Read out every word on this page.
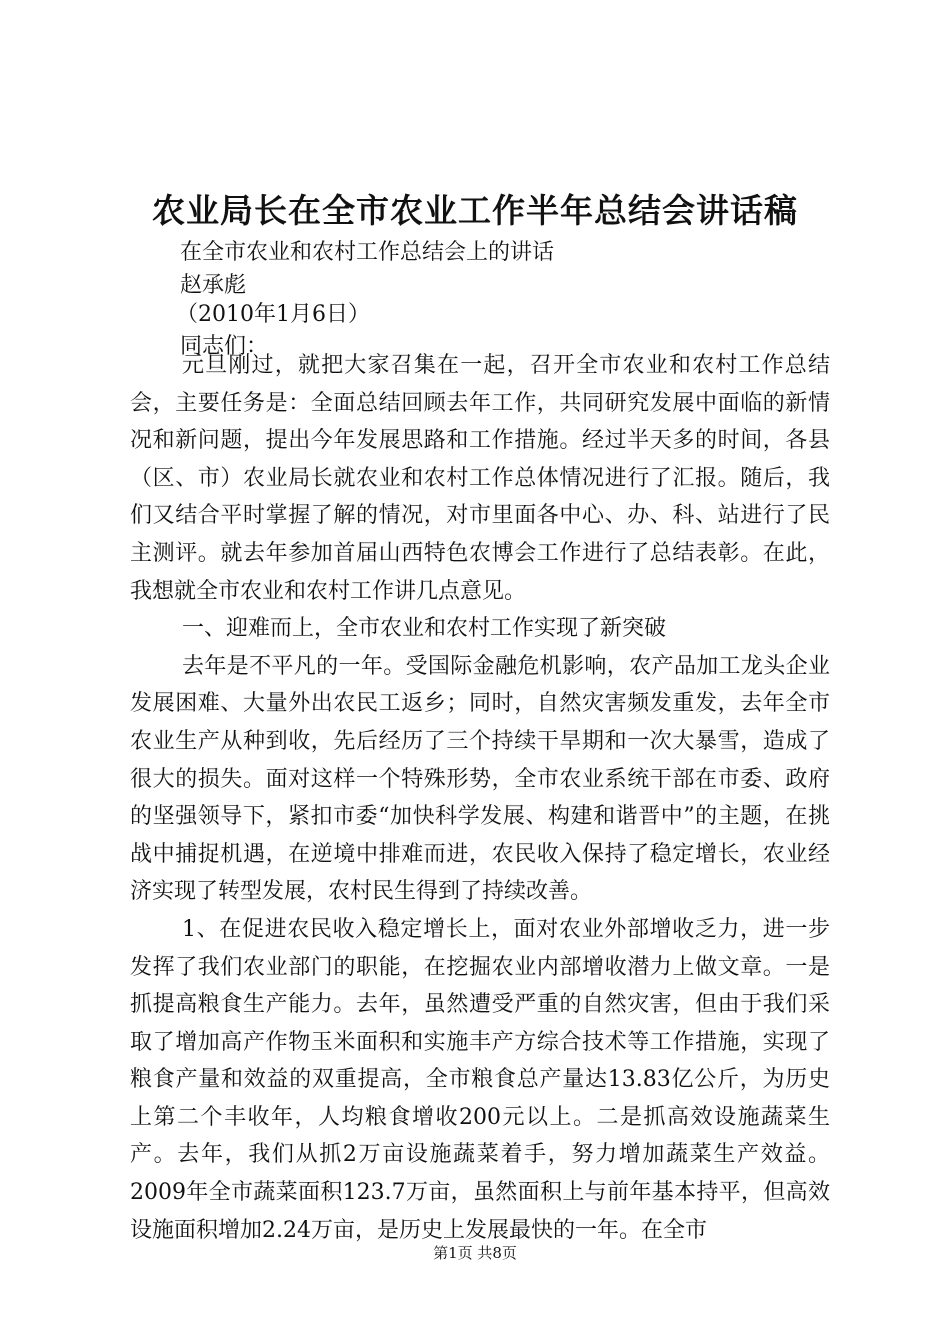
农业局长在全市农业工作半年总结会讲话稿
在全市农业和农村工作总结会上的讲话
赵承彪
（2010年1月6日）
同志们：

元旦刚过，就把大家召集在一起，召开全市农业和农村工作总结会，主要任务是：全面总结回顾去年工作，共同研究发展中面临的新情况和新问题，提出今年发展思路和工作措施。经过半天多的时间，各县（区、市）农业局长就农业和农村工作总体情况进行了汇报。随后，我们又结合平时掌握了解的情况，对市里面各中心、办、科、站进行了民主测评。就去年参加首届山西特色农博会工作进行了总结表彰。在此，我想就全市农业和农村工作讲几点意见。

一、迎难而上，全市农业和农村工作实现了新突破

去年是不平凡的一年。受国际金融危机影响，农产品加工龙头企业发展困难、大量外出农民工返乡；同时，自然灾害频发重发，去年全市农业生产从种到收，先后经历了三个持续干旱期和一次大暴雪，造成了很大的损失。面对这样一个特殊形势，全市农业系统干部在市委、政府的坚强领导下，紧扣市委“加快科学发展、构建和谐晋中”的主题，在挑战中捕捉机遇，在逆境中排难而进，农民收入保持了稳定增长，农业经济实现了转型发展，农村民生得到了持续改善。

1、在促进农民收入稳定增长上，面对农业外部增收乏力，进一步发挥了我们农业部门的职能，在挖掘农业内部增收潜力上做文章。一是抓提高粮食生产能力。去年，虽然遭受严重的自然灾害，但由于我们采取了增加高产作物玉米面积和实施丰产方综合技术等工作措施，实现了粮食产量和效益的双重提高，全市粮食总产量达13.83亿公斤，为历史上第二个丰收年，人均粮食增收200元以上。二是抓高效设施蔬菜生产。去年，我们从抓2万亩设施蔬菜着手，努力增加蔬菜生产效益。2009年全市蔬菜面积123.7万亩，虽然面积上与前年基本持平，但高效设施面积增加2.24万亩，是历史上发展最快的一年。在全市

第1页 共8页
